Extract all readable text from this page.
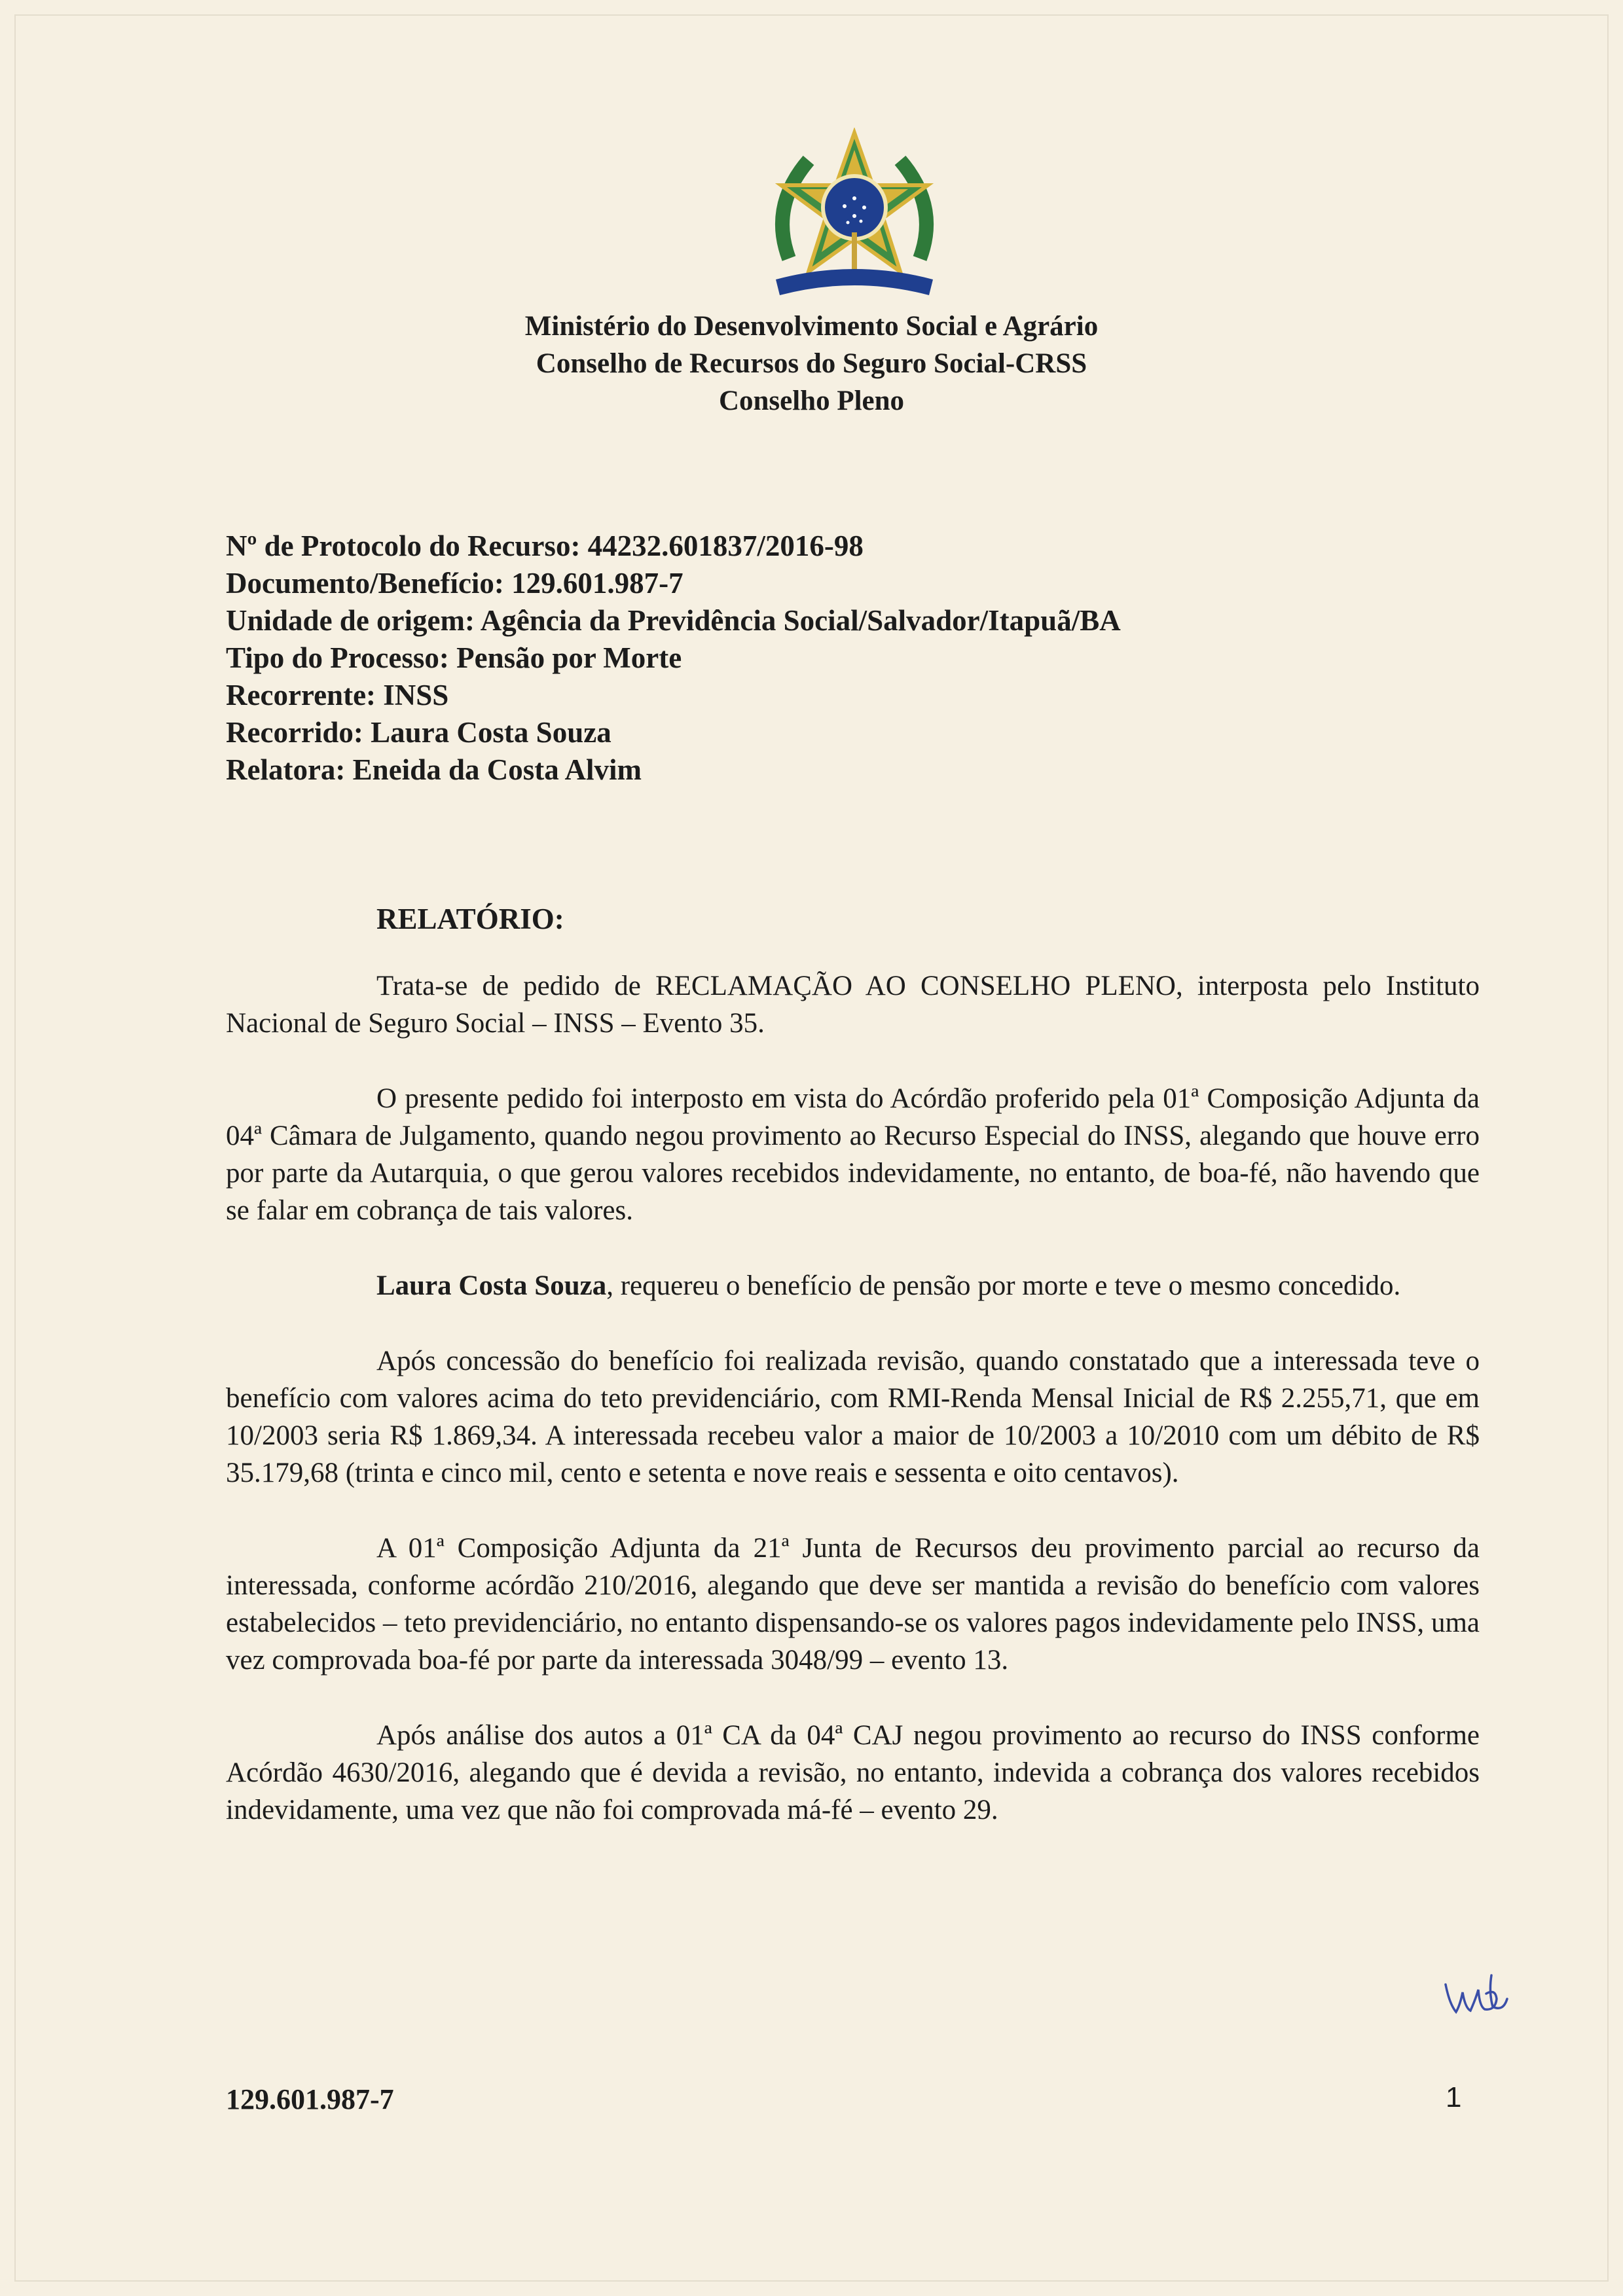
Ministério do Desenvolvimento Social e Agrário
Conselho de Recursos do Seguro Social-CRSS
Conselho Pleno
Nº de Protocolo do Recurso: 44232.601837/2016-98
Documento/Benefício: 129.601.987-7
Unidade de origem: Agência da Previdência Social/Salvador/Itapuã/BA
Tipo do Processo: Pensão por Morte
Recorrente: INSS
Recorrido: Laura Costa Souza
Relatora: Eneida da Costa Alvim
RELATÓRIO:

Trata-se de pedido de RECLAMAÇÃO AO CONSELHO PLENO, interposta pelo Instituto Nacional de Seguro Social – INSS – Evento 35.

O presente pedido foi interposto em vista do Acórdão proferido pela 01ª Composição Adjunta da 04ª Câmara de Julgamento, quando negou provimento ao Recurso Especial do INSS, alegando que houve erro por parte da Autarquia, o que gerou valores recebidos indevidamente, no entanto, de boa-fé, não havendo que se falar em cobrança de tais valores.

Laura Costa Souza, requereu o benefício de pensão por morte e teve o mesmo concedido.

Após concessão do benefício foi realizada revisão, quando constatado que a interessada teve o benefício com valores acima do teto previdenciário, com RMI-Renda Mensal Inicial de R$ 2.255,71, que em 10/2003 seria R$ 1.869,34. A interessada recebeu valor a maior de 10/2003 a 10/2010 com um débito de R$ 35.179,68 (trinta e cinco mil, cento e setenta e nove reais e sessenta e oito centavos).

A 01ª Composição Adjunta da 21ª Junta de Recursos deu provimento parcial ao recurso da interessada, conforme acórdão 210/2016, alegando que deve ser mantida a revisão do benefício com valores estabelecidos – teto previdenciário, no entanto dispensando-se os valores pagos indevidamente pelo INSS, uma vez comprovada boa-fé por parte da interessada 3048/99 – evento 13.

Após análise dos autos a 01ª CA da 04ª CAJ negou provimento ao recurso do INSS conforme Acórdão 4630/2016, alegando que é devida a revisão, no entanto, indevida a cobrança dos valores recebidos indevidamente, uma vez que não foi comprovada má-fé – evento 29.

129.601.987-7	1
